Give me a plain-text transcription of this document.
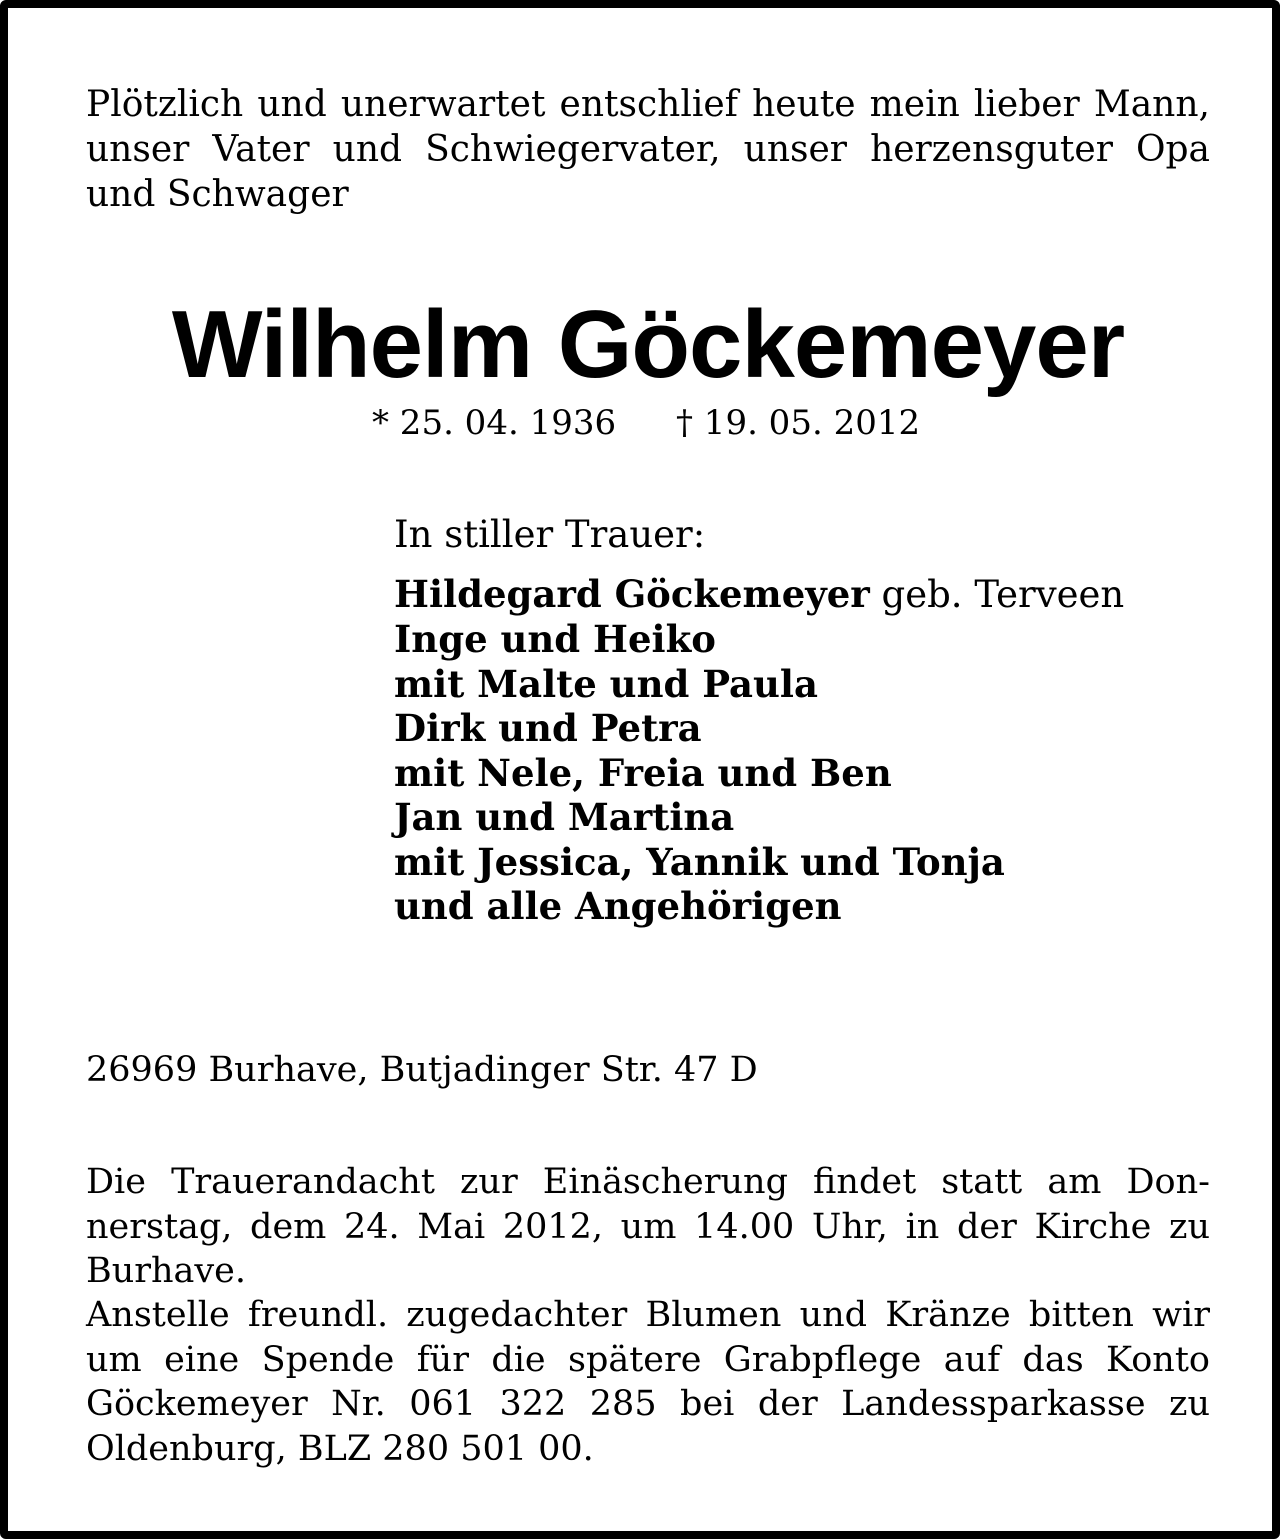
Plötzlich und unerwartet entschlief heute mein lieber Mann, unser Vater und Schwiegervater, unser herzensguter Opa und Schwager

Wilhelm Göckemeyer
* 25. 04. 1936 † 19. 05. 2012
In stiller Trauer:
Hildegard Göckemeyer geb. Terveen
Inge und Heiko
mit Malte und Paula
Dirk und Petra
mit Nele, Freia und Ben
Jan und Martina
mit Jessica, Yannik und Tonja
und alle Angehörigen

26969 Burhave, Butjadinger Str. 47 D

Die Trauerandacht zur Einäscherung findet statt am Donnerstag, dem 24. Mai 2012, um 14.00 Uhr, in der Kirche zu Burhave.

Anstelle freundl. zugedachter Blumen und Kränze bitten wir um eine Spende für die spätere Grabpflege auf das Konto Göckemeyer Nr. 061 322 285 bei der Landessparkasse zu Oldenburg, BLZ 280 501 00.
